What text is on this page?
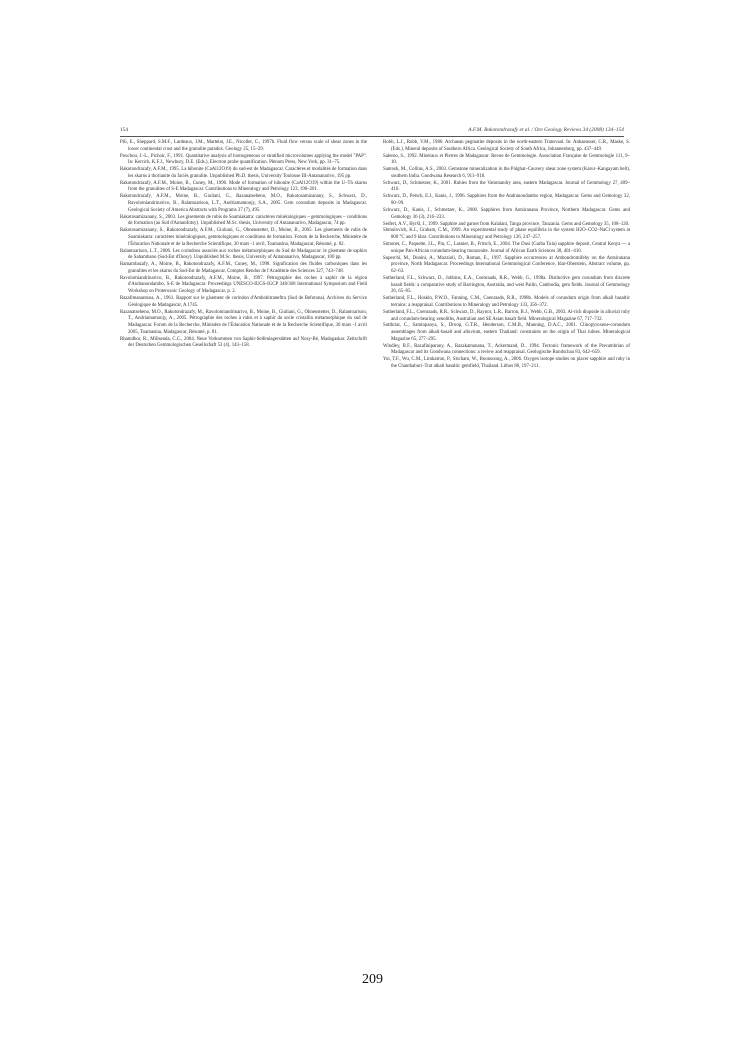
154	A.F.M. Rakotondrazafy et al. / Ore Geology Reviews 34 (2008) 134–154

Pili, E., Sheppard, S.M.F., Lardeaux, J.M., Martelat, J.E., Nicollet, C., 1997b. Fluid flow versus scale of shear zones in the lower continental crust and the granulite paradox. Geology 25, 15–29.

Pouchou, J.-L., Pichoir, F., 1991. Quantitative analysis of homogeneous or stratified microvolumes applying the model "PAP". In: Kerrich, K.F.J., Newbury, D.E. (Eds.), Electron probe quantification. Plenum Press, New York, pp. 31–75.

Rakotondrazafy, A.F.M., 1995. La hibonite (CaAl12O19) du sud-est de Madagascar. Caractères et modalités de formation dans les skarns à thorianite du faciès granulite. Unpublished Ph.D. thesis, University Toulouse III-Antananarivo, 195 pp.

Rakotondrazafy, A.F.M., Moine, B., Cuney, M., 1996. Mode of formation of hibonite (CaAl12O19) within the U–Th skarns from the granulites of S-E Madagascar. Contributions to Mineralogy and Petrology 123, 190–201.

Rakotondrazafy, A.F.M., Moine, B., Giuliani, G., Razanatseheno, M.O., Rakotosamizanany, S., Schwarz, D., Ravolomiandrinarivo, B., Ralantoarison, L.T., Andriamamonjy, S.A., 2005. Gem corundum deposits in Madagascar. Geological Society of America Abstracts with Programs 37 (7), 495.

Rakotosamizanany, S., 2003. Les gisements de rubis de Soamiakatra: caractères minéralogiques – gemmologiques – conditions de formation (au Sud d'Antanifotsy). Unpublished M.Sc. thesis, University of Antananarivo, Madagascar, 74 pp.

Rakotosamizanany, S., Rakotondrazafy, A.F.M., Giuliani, G., Ohnenstetter, D., Moine, B., 2005. Les gisements de rubis de Soamiakatra: caractères minéralogiques, gemmologiques et conditions de formation. Forum de la Recherche, Ministère de l'Éducation Nationale et de la Recherche Scientifique, 30 mars -1 avril, Toamasina, Madagascar, Résumé, p. 82.

Ralantoarison, L.T., 2006. Les corindons associés aux roches métamorphiques du Sud de Madagascar: le gisement de saphirs de Sahambano (Sud-Est d'Ihosy). Unpublished M.Sc. thesis, University of Antananarivo, Madagascar, 100 pp.

Ramambazafy, A., Moine, B., Rakotondrazafy, A.F.M., Cuney, M., 1998. Signification des fluides carboniques dans les granulites et les skarns du Sud-Est de Madagascar. Comptes Rendus de l'Académie des Sciences 327, 743–748.

Ravolomiandrinarivo, B., Rakotondrazafy, A.F.M., Moine, B., 1997. Pétrographie des roches à saphir de la région d'Andranondambo, S-E de Madagascar. Proceedings UNESCO-IUGS-IGCP 348/368 International Symposium and Field Workshop on Proterozoic Geology of Madagascar, p. 2.

Razafimanantsoa, A., 1961. Rapport sur le gisement de corindon d'Ambohitraneftra (Sud de Befotona). Archives du Service Géologique de Madagascar, A 1745.

Razanatseheno, M.O., Rakotondrazafy, M., Ravolomiandrinarivo, B., Moine, B., Giuliani, G., Ohnenstetter, D., Ralantoarison, T., Andriamamonjy, A., 2005. Pétrographie des roches à rubis et à saphir du socle cristallin métamorphique du sud de Madagascar. Forum de la Recherche, Ministère de l'Éducation Nationale et de la Recherche Scientifique, 30 mars -1 avril 2005, Toamasina, Madagascar, Résumé, p. 81.

Rhamdhor, R., Milisenda, C.C., 2004. Neue Vorkommen von Saphir-Seifenlagerstätten auf Nosy-Bé, Madagaskar. Zeitschrift der Deutschen Gemmologischen Gesellschaft 53 (4), 143–158.

Robb, L.J., Robb, V.M., 1986. Archaean pegmatite deposits in the north-eastern Transvaal. In: Anhaeusser, C.R., Maske, S. (Eds.), Mineral deposits of Southern Africa. Geological Society of South Africa, Johannesburg, pp. 437–449.

Salerno, S., 1992. Minéraux et Pierres de Madagascar. Revue de Gemmologie. Association Française de Gemmologie 111, 9–10.

Santosh, M., Collins, A.S., 2003. Gemstone mineralization in the Palghat–Cauvery shear zone system (Karur–Kangayam belt), southern India. Gondwana Research 6, 911–918.

Schwarz, D., Schmetzer, K., 2001. Rubies from the Vatomandry area, eastern Madagascar. Journal of Gemmology 27, 409–416.

Schwarz, D., Petsch, E.J., Kanis, J., 1996. Sapphires from the Andranondambo region, Madagascar. Gems and Gemology 32, 80–99.

Schwarz, D., Kanis, J., Schmetzer, K., 2000. Sapphires from Antsiranana Province, Northern Madagascar. Gems and Gemology 36 (3), 216–233.

Seifert, A.V., Hyršl, J., 1999. Sapphire and garnet from Kalalani, Tanga province, Tanzania. Gems and Gemology 35, 108–120.

Shmulovich, K.I., Graham, C.M., 1999. An experimental study of phase equilibria in the system H2O–CO2–NaCl system at 800 °C and 9 kbar. Contributions to Mineralogy and Petrology 136, 247–257.

Simonet, C., Paquette, J.L., Pin, C., Lasnier, B., Fritsch, E., 2004. The Dusi (Garba Tula) sapphire deposit, Central Kenya — a unique Pan-African corundum-bearing monzonite. Journal of African Earth Sciences 38, 401–410.

Superchi, M., Donini, A., Muzzioli, D., Roman, E., 1997. Sapphire occurrences at Ambondromifehy on the Antsiranana province, North Madagascar. Proceedings International Gemmological Conference, Idar-Oberstein, Abstract volume, pp. 62–63.

Sutherland, F.L., Schwarz, D., Jobbins, E.A., Coenraads, R.R., Webb, G., 1998a. Distinctive gem corundum from discrete basalt fields: a comparative study of Barrington, Australia, and west Pailin, Cambodia, gem fields. Journal of Gemmology 26, 65–85.

Sutherland, F.L., Hoskin, P.W.O., Fanning, C.M., Coenraads, R.R., 1998b. Models of corundum origin from alkali basaltic terrains: a reappraisal. Contributions to Mineralogy and Petrology 133, 356–372.

Sutherland, F.L., Coenraads, R.R., Schwarz, D., Raynor, L.R., Barron, B.J., Webb, G.B., 2003. Al-rich diopside in alluvial ruby and corundum-bearing xenoliths, Australian and SE Asian basalt field. Mineralogical Magazine 67, 717–732.

Sutthirat, C., Saminpanya, S., Droop, G.T.R., Henderson, C.M.B., Manning, D.A.C., 2001. Clinopyroxene-corundum assemblages from alkali-basalt and alluvium, eastern Thailand: constraints on the origin of Thai rubies. Mineralogical Magazine 65, 277–295.

Windley, B.F., Razafiniparany, A., Razakamanana, T., Ackermand, D., 1994. Tectonic framework of the Precambrian of Madagascar and its Gondwana connections: a review and reappraisal. Geologische Rundschau 83, 642–659.

Yui, T.F., Wu, C.M., Limkatrun, P., Sricharn, W., Boonsoong, A., 2006. Oxygen isotope studies on placer sapphire and ruby in the Chanthaburi–Trat alkali basaltic gemfield, Thailand. Lithos 86, 197–211.

209
